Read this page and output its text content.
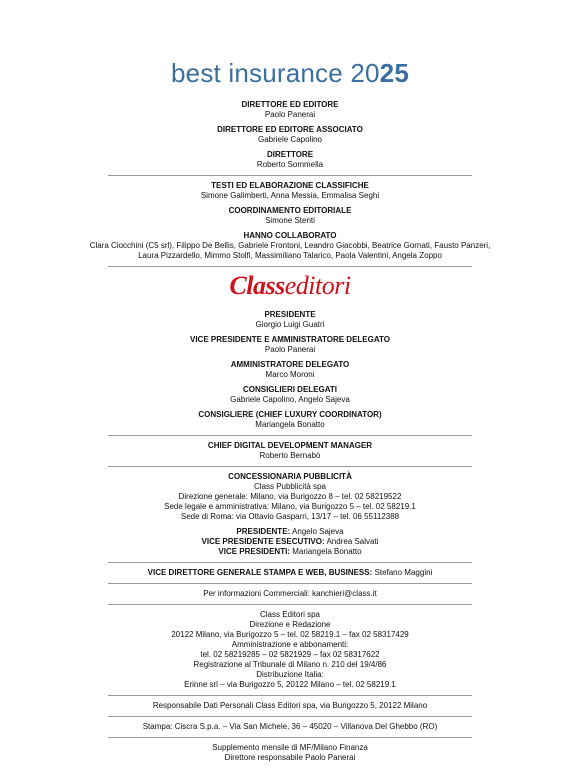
best insurance 2025
DIRETTORE ED EDITORE
Paolo Panerai
DIRETTORE ED EDITORE ASSOCIATO
Gabriele Capolino
DIRETTORE
Roberto Sommella
TESTI ED ELABORAZIONE CLASSIFICHE
Simone Galimberti, Anna Messia, Emmalisa Seghi
COORDINAMENTO EDITORIALE
Simone Stenti
HANNO COLLABORATO
Clara Ciocchini (C5 srl), Filippo De Bellis, Gabriele Frontoni, Leandro Giacobbi, Beatrice Gornati, Fausto Panzeri,
Laura Pizzardello, Mimmo Stolfi, Massimiliano Talarico, Paola Valentini, Angela Zoppo
Classeditori
PRESIDENTE
Giorgio Luigi Guatri
VICE PRESIDENTE E AMMINISTRATORE DELEGATO
Paolo Panerai
AMMINISTRATORE DELEGATO
Marco Moroni
CONSIGLIERI DELEGATI
Gabriele Capolino, Angelo Sajeva
CONSIGLIERE (CHIEF LUXURY COORDINATOR)
Mariangela Bonatto
CHIEF DIGITAL DEVELOPMENT MANAGER
Roberto Bernabò
CONCESSIONARIA PUBBLICITÀ
Class Pubblicità spa
Direzione generale: Milano, via Burigozzo 8 – tel. 02 58219522
Sede legale e amministrativa: Milano, via Burigozzo 5 – tel. 02 58219.1
Sede di Roma: via Ottavio Gasparri, 13/17 – tel. 06 55112388
PRESIDENTE: Angelo Sajeva
VICE PRESIDENTE ESECUTIVO: Andrea Salvati
VICE PRESIDENTI: Mariangela Bonatto
VICE DIRETTORE GENERALE STAMPA E WEB, BUSINESS: Stefano Maggini
Per informazioni Commerciali: kanchieri@class.it
Class Editori spa
Direzione e Redazione
20122 Milano, via Burigozzo 5 – tel. 02 58219.1 – fax 02 58317429
Amministrazione e abbonamenti:
tel. 02 58219285 – 02 5821929 – fax 02 58317622
Registrazione al Tribunale di Milano n. 210 del 19/4/86
Distribuzione Italia:
Erinne srl – via Burigozzo 5, 20122 Milano – tel. 02 58219.1
Responsabile Dati Personali Class Editori spa, via Burigozzo 5, 20122 Milano
Stampa: Ciscra S.p.a. – Via San Michele, 36 – 45020 – Villanova Del Ghebbo (RO)
Supplemento mensile di MF/Milano Finanza
Direttore responsabile Paolo Panerai
